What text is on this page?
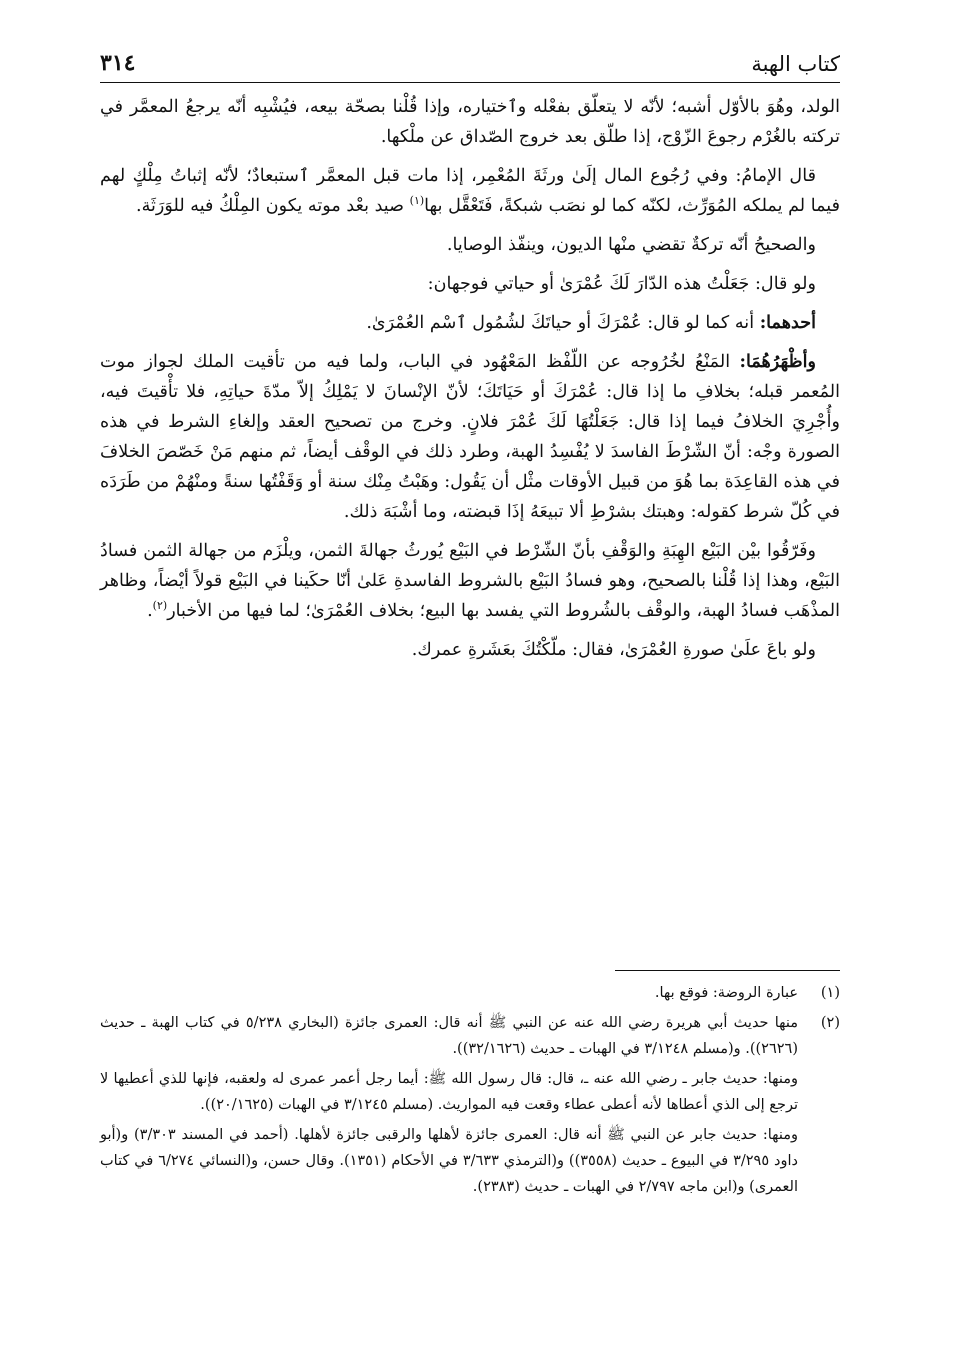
كتاب الهبة
٣١٤

الولد، وهُوَ بالأوّل أشبه؛ لأنّه لا يتعلّق بفعْله وٱختياره، وإذا قُلْنا بصحّة بيعه، فيُشْبِه أنّه يرجعُ المعمَّر في تركته بالغُرْم رجوعَ الزّوْج، إذا طلّق بعد خروج الصّداق عن ملْكها.

قال الإمامُ: وفي رُجُوع المال إلَىٰ ورثَةَ المُعْمِر، إذا مات قبل المعمَّر ٱستبعادٌ؛ لأنّه إثباتُ مِلْكٍ لهم فيما لم يملكه المُوَرِّث، لكنّه كما لو نصَب شبكةً، فَتَعْقَّل بها$^{(١)}$ صيد بعْد موته يكون المِلْكُ فيه للوَرَثَة.

والصحيحُ أنّه تركةٌ تقضي منْها الديون، وينفّذ الوصايا.

ولو قال: جَعَلْتُ هذه الدّارَ لَكَ عُمْرَىٰ أو حياتي فوجهان:

أحدهما: أنه كما لو قال: عُمْرَكَ أو حياتَكَ لشُمُول ٱسْم العُمْرَىٰ.

وأظْهَرُهُمَا: المَنْعُ لخُرُوجه عن اللّفْظ المَعْهُود في الباب، ولما فيه من تأقيت الملك لجواز موت المُعمر قبله؛ بخلافِ ما إذا قال: عُمْرَكَ أو حَيَاتَكَ؛ لأنّ الإنْسانَ لا يَمْلِكُ إلاّ مدّةَ حياتِهِ، فلا تأْقيتَ فيه، وأُجْرِيَ الخلافُ فيما إذا قال: جَعَلْتُهَا لَكَ عُمْرَ فلانٍ. وخرج من تصحيح العقد وإلغاءِ الشرط في هذه الصورة وجْه: أنّ الشّرْطَ الفاسدَ لا يُفْسِدُ الهبة، وطرد ذلك في الوقْف أيضاً، ثم منهم مَنْ خَصّصَ الخلافَ في هذه القاعِدَة بما هُوَ من قبيل الأوقات مثْل أن يَقُول: وهَبْتُ مِنْك سنة أو وَقَفْتُها سنةً ومنْهُمْ من طَرَدَه في كُلّ شرط كقوله: وهبتك بشرْطِ ألا تبيعَهُ إذَا قبضته، وما أشْبَهَ ذلك.

وفَرّقُوا بيْن البَيْع الهِبَةِ والوَقْفِ بأنّ الشّرْط في البَيْع يُورثُ جهالةَ الثمن، ويلْزَم من جهالة الثمن فسادُ البَيْع، وهذا إذا قُلْنا بالصحيح، وهو فسادُ البَيْع بالشروط الفاسدةِ عَلىٰ أنّا حكَينا في البَيْع قولاً أيْضاً، وظاهر المذْهَب فسادُ الهبة، والوقْف بالشُروط التي يفسد بها البيع؛ بخلاف العُمْرَىٰ؛ لما فيها من الأخبار$^{(٢)}$.

ولو باعَ علَىٰ صورةِ العُمْرَىٰ، فقال: ملّكْتُكَ بعَشَرةِ عمرك.

(١)
عبارة الروضة: فوقع بها.
(٢)
منها حديث أبي هريرة رضي الله عنه عن النبي ﷺ أنه قال: العمرى جائزة (البخاري ٥/٢٣٨ في كتاب الهبة ـ حديث (٢٦٢٦)). و(مسلم ٣/١٢٤٨ في الهبات ـ حديث (٣٢/١٦٢٦)).
ومنها: حديث جابر ـ رضي الله عنه ـ، قال: قال رسول الله ﷺ: أيما رجل أعمر عمرى له ولعقبه، فإنها للذي أعطيها لا ترجع إلى الذي أعطاها لأنه أعطى عطاء وقعت فيه المواريث. (مسلم ٣/١٢٤٥ في الهبات (٢٠/١٦٢٥)).
ومنها: حديث جابر عن النبي ﷺ أنه قال: العمرى جائزة لأهلها والرقبى جائزة لأهلها. (أحمد في المسند ٣/٣٠٣) و(أبو داود ٣/٢٩٥ في البيوع ـ حديث (٣٥٥٨)) و(الترمذي ٣/٦٣٣ في الأحكام (١٣٥١). وقال حسن، و(النسائي ٦/٢٧٤ في كتاب العمرى) و(ابن ماجه ٢/٧٩٧ في الهبات ـ حديث (٢٣٨٣).
